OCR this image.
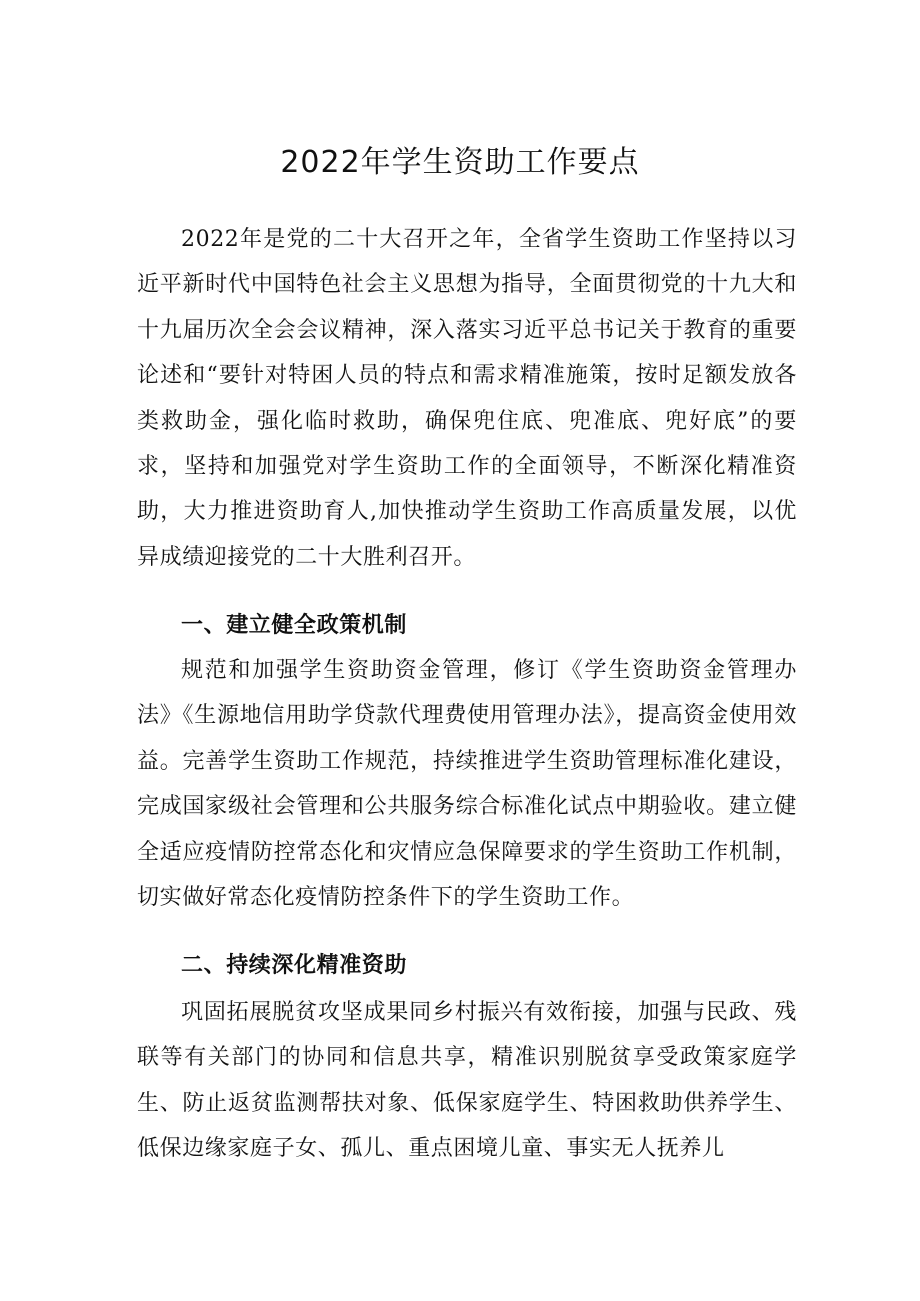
2022年学生资助工作要点

2022年是党的二十大召开之年，全省学生资助工作坚持以习近平新时代中国特色社会主义思想为指导，全面贯彻党的十九大和十九届历次全会会议精神，深入落实习近平总书记关于教育的重要论述和“要针对特困人员的特点和需求精准施策，按时足额发放各类救助金，强化临时救助，确保兜住底、兜准底、兜好底”的要求，坚持和加强党对学生资助工作的全面领导，不断深化精准资助，大力推进资助育人,加快推动学生资助工作高质量发展，以优异成绩迎接党的二十大胜利召开。

一、建立健全政策机制

规范和加强学生资助资金管理，修订《学生资助资金管理办法》《生源地信用助学贷款代理费使用管理办法》，提高资金使用效益。完善学生资助工作规范，持续推进学生资助管理标准化建设，完成国家级社会管理和公共服务综合标准化试点中期验收。建立健全适应疫情防控常态化和灾情应急保障要求的学生资助工作机制，切实做好常态化疫情防控条件下的学生资助工作。

二、持续深化精准资助

巩固拓展脱贫攻坚成果同乡村振兴有效衔接，加强与民政、残联等有关部门的协同和信息共享，精准识别脱贫享受政策家庭学生、防止返贫监测帮扶对象、低保家庭学生、特困救助供养学生、低保边缘家庭子女、孤儿、重点困境儿童、事实无人抚养儿
